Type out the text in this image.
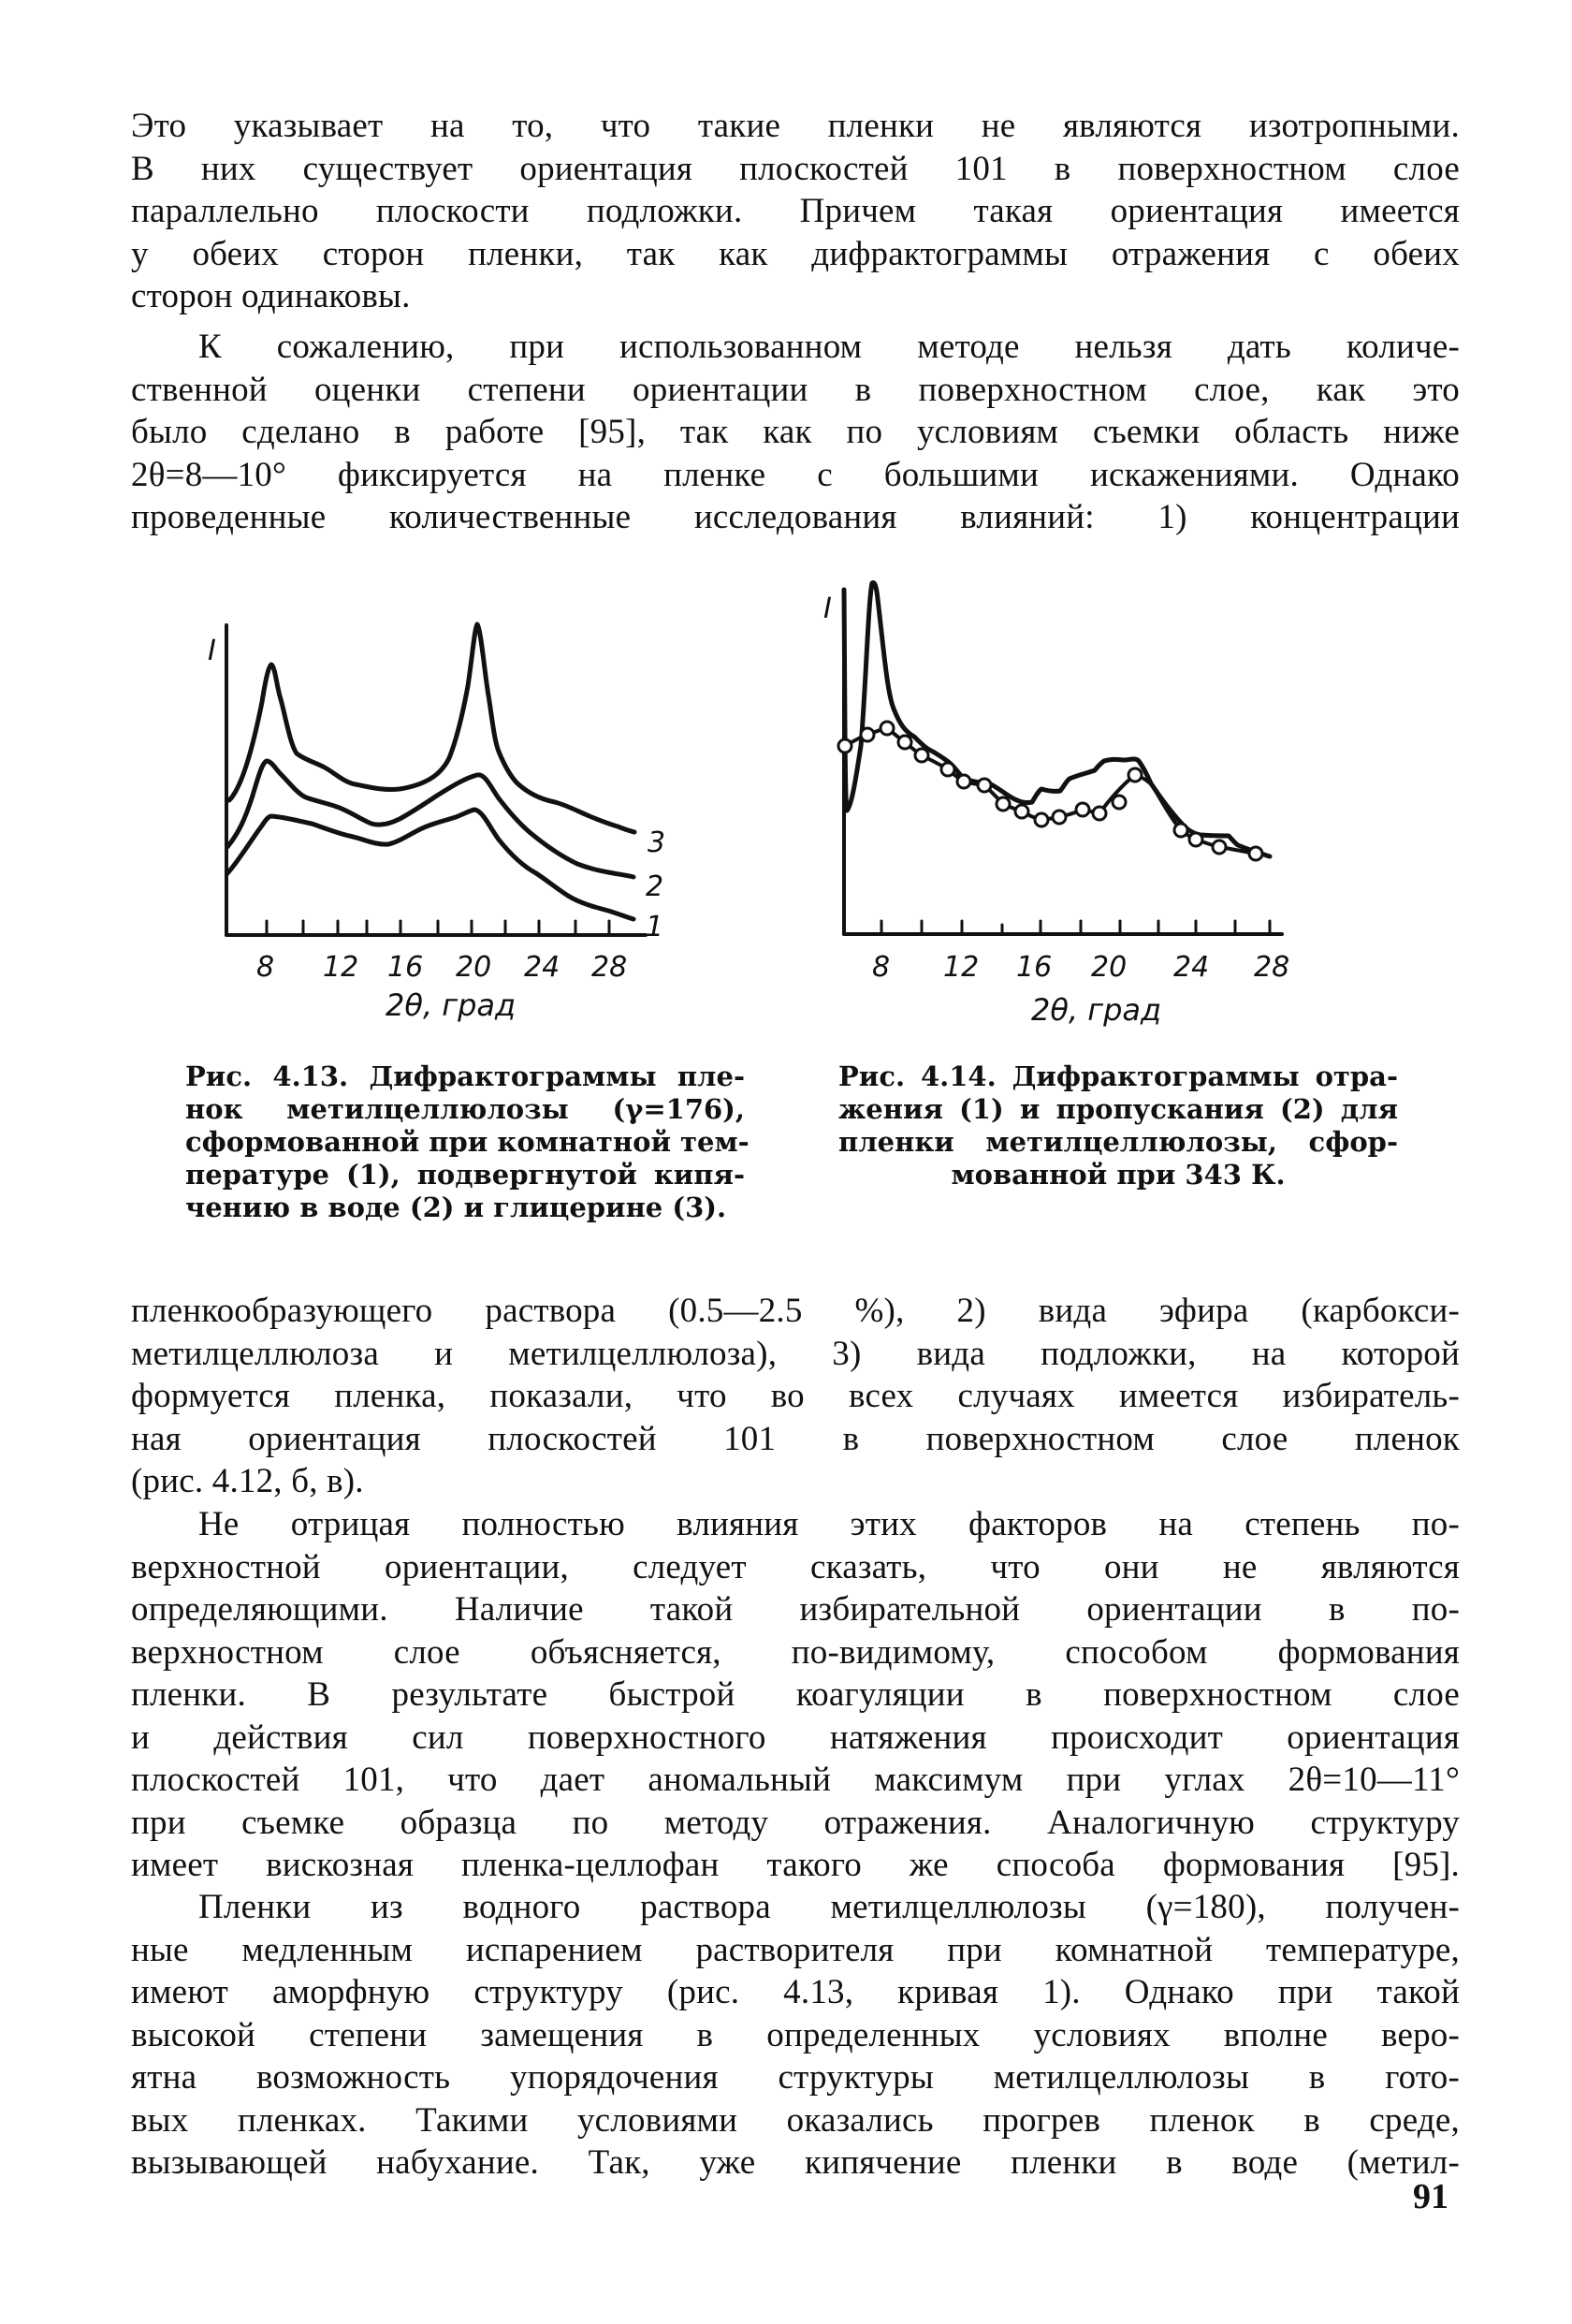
Это указывает на то, что такие пленки не являются изотропными.
В них существует ориентация плоскостей 101 в поверхностном слое
параллельно плоскости подложки. Причем такая ориентация имеется
у обеих сторон пленки, так как дифрактограммы отражения с обеих
сторон одинаковы.
К сожалению, при использованном методе нельзя дать количе-
ственной оценки степени ориентации в поверхностном слое, как это
было сделано в работе [95], так как по условиям съемки область ниже
2θ=8—10° фиксируется на пленке с большими искажениями. Однако
проведенные количественные исследования влияний: 1) концентрации
I
8 12 16 20 24 28
2θ, град
3
2
1
I
8 12 16 20 24 28
2θ, град
Рис. 4.13. Дифрактограммы пле-
нок метилцеллюлозы (γ=176),
сформованной при комнатной тем-
пературе (1), подвергнутой кипя-
чению в воде (2) и глицерине (3).
Рис. 4.14. Дифрактограммы отра-
жения (1) и пропускания (2) для
пленки метилцеллюлозы, сфор-
мованной при 343 К.
пленкообразующего раствора (0.5—2.5 %), 2) вида эфира (карбокси-
метилцеллюлоза и метилцеллюлоза), 3) вида подложки, на которой
формуется пленка, показали, что во всех случаях имеется избиратель-
ная ориентация плоскостей 101 в поверхностном слое пленок
(рис. 4.12, б, в).
Не отрицая полностью влияния этих факторов на степень по-
верхностной ориентации, следует сказать, что они не являются
определяющими. Наличие такой избирательной ориентации в по-
верхностном слое объясняется, по-видимому, способом формования
пленки. В результате быстрой коагуляции в поверхностном слое
и действия сил поверхностного натяжения происходит ориентация
плоскостей 101, что дает аномальный максимум при углах 2θ=10—11°
при съемке образца по методу отражения. Аналогичную структуру
имеет вискозная пленка-целлофан такого же способа формования [95].
Пленки из водного раствора метилцеллюлозы (γ=180), получен-
ные медленным испарением растворителя при комнатной температуре,
имеют аморфную структуру (рис. 4.13, кривая 1). Однако при такой
высокой степени замещения в определенных условиях вполне веро-
ятна возможность упорядочения структуры метилцеллюлозы в гото-
вых пленках. Такими условиями оказались прогрев пленок в среде,
вызывающей набухание. Так, уже кипячение пленки в воде (метил-
91
